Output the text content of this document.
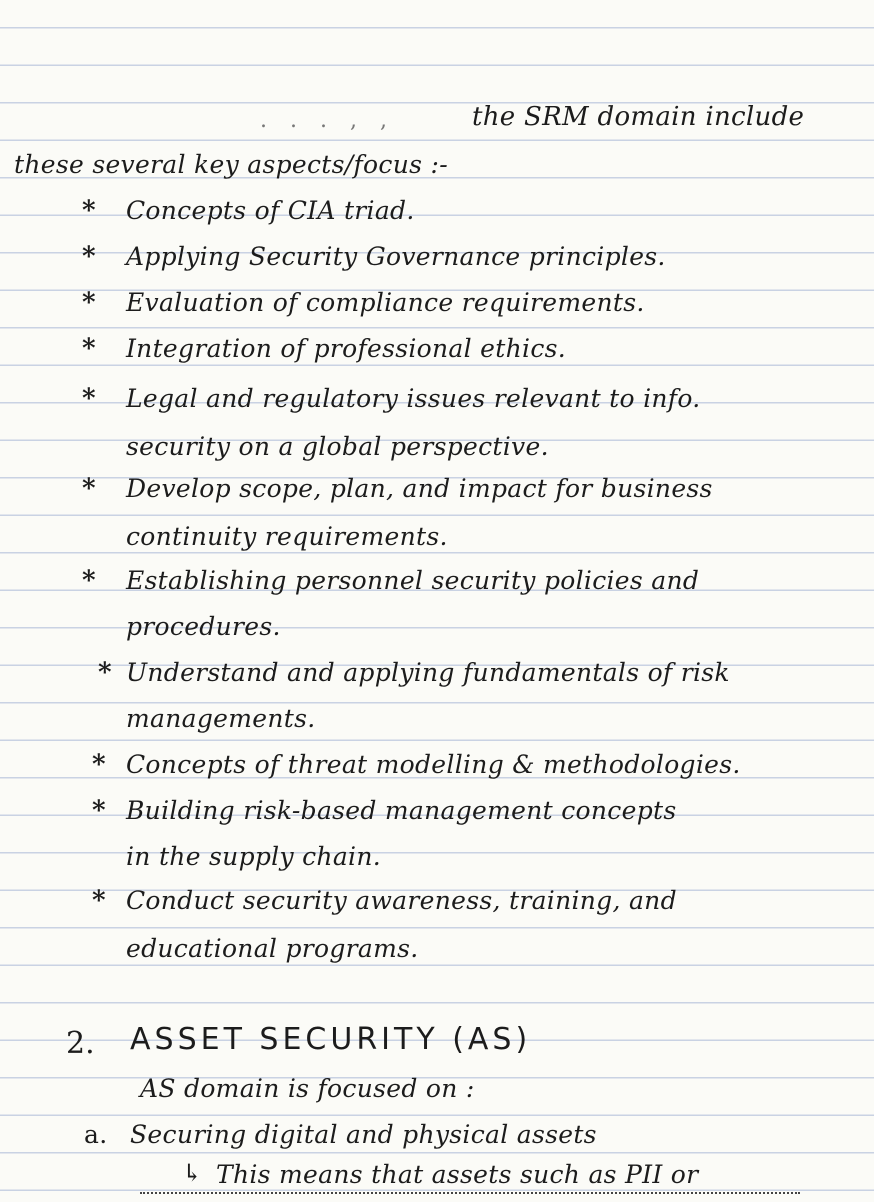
. . . , ,	the SRM domain include
these several key aspects/focus :-
* Concepts of CIA triad.
* Applying Security Governance principles.
* Evaluation of compliance requirements.
* Integration of professional ethics.
* Legal and regulatory issues relevant to info.
security on a global perspective.
* Develop scope, plan, and impact for business
continuity requirements.
* Establishing personnel security policies and
procedures.
* Understand and applying fundamentals of risk
managements.
* Concepts of threat modelling & methodologies.
* Building risk-based management concepts
in the supply chain.
* Conduct security awareness, training, and
educational programs.
2. ASSET SECURITY (AS)
AS domain is focused on :
a. Securing digital and physical assets
↳ This means that assets such as PII or
